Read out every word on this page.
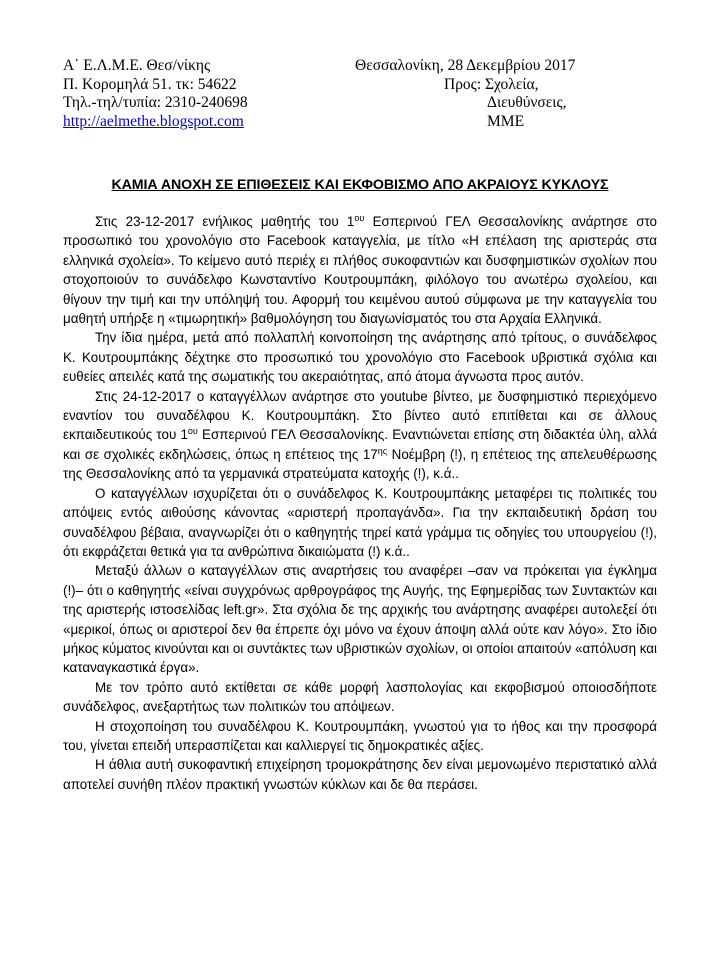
Α΄ Ε.Λ.Μ.Ε. Θεσ/νίκης
Π. Κορομηλά 51. τκ: 54622
Τηλ.-τηλ/τυπία: 2310-240698
http://aelmethe.blogspot.com
Θεσσαλονίκη, 28 Δεκεμβρίου 2017
Προς: Σχολεία,
Διευθύνσεις,
ΜΜΕ
ΚΑΜΙΑ ΑΝΟΧΗ ΣΕ ΕΠΙΘΕΣΕΙΣ ΚΑΙ ΕΚΦΟΒΙΣΜΟ ΑΠΟ ΑΚΡΑΙΟΥΣ ΚΥΚΛΟΥΣ

Στις 23-12-2017 ενήλικος μαθητής του $1^{o\upsilon}$ Εσπερινού ΓΕΛ Θεσσαλονίκης ανάρτησε στο προσωπικό του χρονολόγιο στο Facebook καταγγελία, με τίτλο «Η επέλαση της αριστεράς στα ελληνικά σχολεία». Το κείμενο αυτό περιέχ ει πλήθος συκοφαντιών και δυσφημιστικών σχολίων που στοχοποιούν το συνάδελφο Κωνσταντίνο Κουτρουμπάκη, φιλόλογο του ανωτέρω σχολείου, και θίγουν την τιμή και την υπόληψή του. Αφορμή του κειμένου αυτού σύμφωνα με την καταγγελία του μαθητή υπήρξε η «τιμωρητική» βαθμολόγηση του διαγωνίσματός του στα Αρχαία Ελληνικά.

Την ίδια ημέρα, μετά από πολλαπλή κοινοποίηση της ανάρτησης από τρίτους, ο συνάδελφος Κ. Κουτρουμπάκης δέχτηκε στο προσωπικό του χρονολόγιο στο Facebook υβριστικά σχόλια και ευθείες απειλές κατά της σωματικής του ακεραιότητας, από άτομα άγνωστα προς αυτόν.

Στις 24-12-2017 ο καταγγέλλων ανάρτησε στο youtube βίντεο, με δυσφημιστικό περιεχόμενο εναντίον του συναδέλφου Κ. Κουτρουμπάκη. Στο βίντεο αυτό επιτίθεται και σε άλλους εκπαιδευτικούς του $1^{o\upsilon}$ Εσπερινού ΓΕΛ Θεσσαλονίκης. Εναντιώνεται επίσης στη διδακτέα ύλη, αλλά και σε σχολικές εκδηλώσεις, όπως η επέτειος της $17^{\eta\varsigma}$ Νοέμβρη (!), η επέτειος της απελευθέρωσης της Θεσσαλονίκης από τα γερμανικά στρατεύματα κατοχής (!), κ.ά..

Ο καταγγέλλων ισχυρίζεται ότι ο συνάδελφος Κ. Κουτρουμπάκης μεταφέρει τις πολιτικές του απόψεις εντός αιθούσης κάνοντας «αριστερή προπαγάνδα». Για την εκπαιδευτική δράση του συναδέλφου βέβαια, αναγνωρίζει ότι ο καθηγητής τηρεί κατά γράμμα τις οδηγίες του υπουργείου (!), ότι εκφράζεται θετικά για τα ανθρώπινα δικαιώματα (!) κ.ά..

Μεταξύ άλλων ο καταγγέλλων στις αναρτήσεις του αναφέρει –σαν να πρόκειται για έγκλημα (!)– ότι ο καθηγητής «είναι συγχρόνως αρθρογράφος της Αυγής, της Εφημερίδας των Συντακτών και της αριστερής ιστοσελίδας left.gr». Στα σχόλια δε της αρχικής του ανάρτησης αναφέρει αυτολεξεί ότι «μερικοί, όπως οι αριστεροί δεν θα έπρεπε όχι μόνο να έχουν άποψη αλλά ούτε καν λόγο». Στο ίδιο μήκος κύματος κινούνται και οι συντάκτες των υβριστικών σχολίων, οι οποίοι απαιτούν «απόλυση και καταναγκαστικά έργα».

Με τον τρόπο αυτό εκτίθεται σε κάθε μορφή λασπολογίας και εκφοβισμού οποιοσδήποτε συνάδελφος, ανεξαρτήτως των πολιτικών του απόψεων.

Η στοχοποίηση του συναδέλφου Κ. Κουτρουμπάκη, γνωστού για το ήθος και την προσφορά του, γίνεται επειδή υπερασπίζεται και καλλιεργεί τις δημοκρατικές αξίες.

Η άθλια αυτή συκοφαντική επιχείρηση τρομοκράτησης δεν είναι μεμονωμένο περιστατικό αλλά αποτελεί συνήθη πλέον πρακτική γνωστών κύκλων και δε θα περάσει.
